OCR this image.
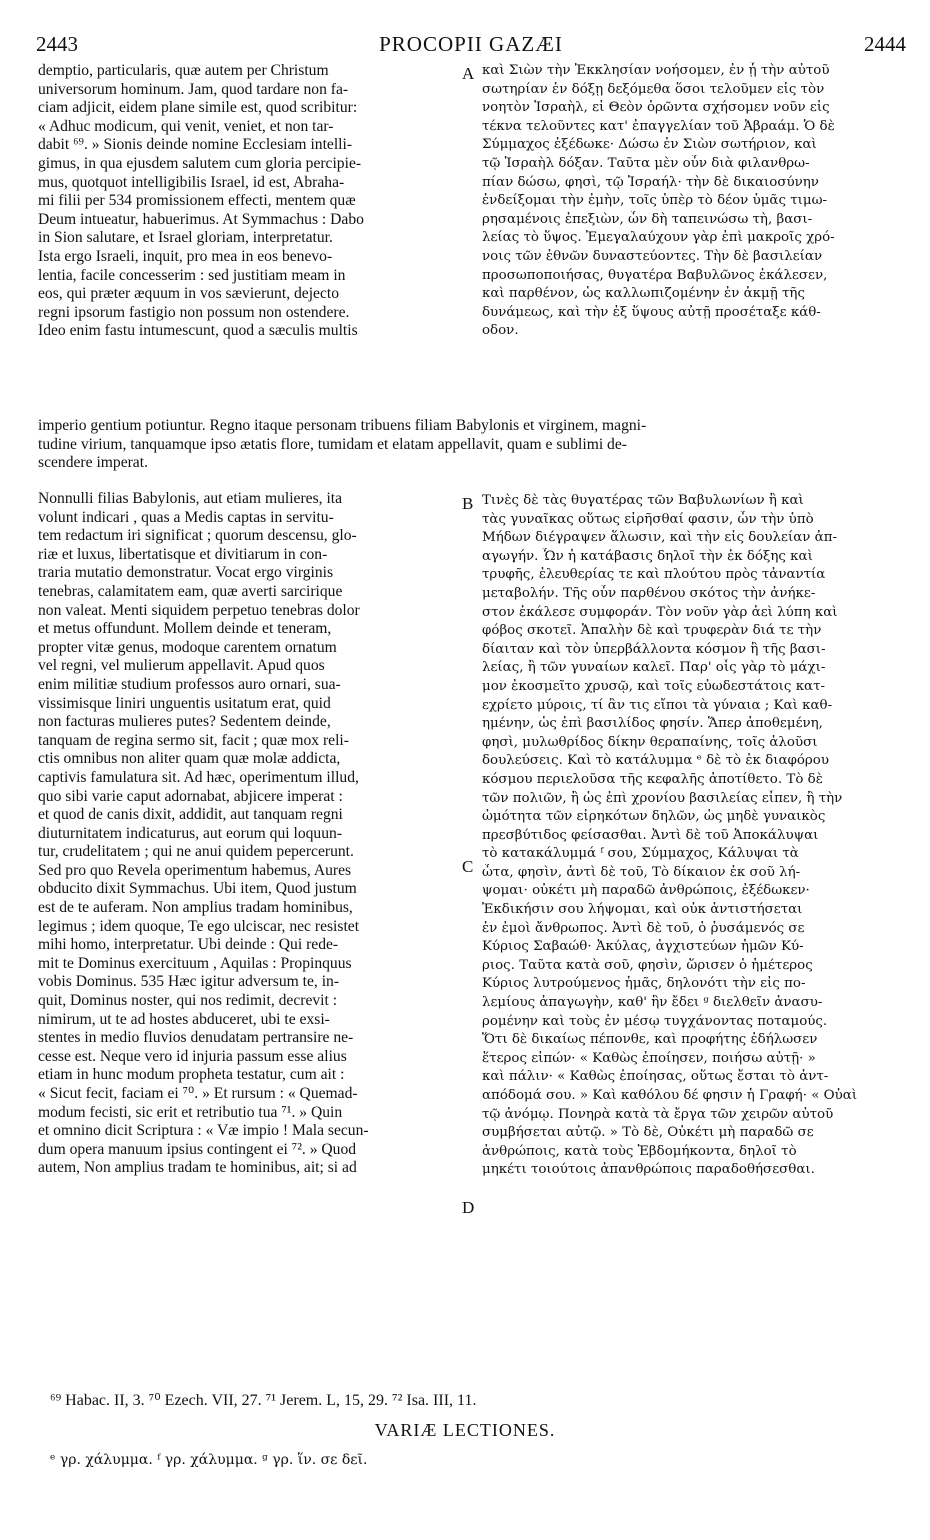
2443	PROCOPII GAZÆI	2444
demptio, particularis, quæ autem per Christum
universorum hominum. Jam, quod tardare non fa-
ciam adjicit, eidem plane simile est, quod scribitur:
« Adhuc modicum, qui venit, veniet, et non tar-
dabit ⁶⁹. » Sionis deinde nomine Ecclesiam intelli-
gimus, in qua ejusdem salutem cum gloria percipie-
mus, quotquot intelligibilis Israel, id est, Abraha-
mi filii per 534 promissionem effecti, mentem quæ
Deum intueatur, habuerimus. At Symmachus : Dabo
in Sion salutare, et Israel gloriam, interpretatur.
Ista ergo Israeli, inquit, pro mea in eos benevo-
lentia, facile concesserim : sed justitiam meam in
eos, qui præter æquum in vos sævierunt, dejecto
regni ipsorum fastigio non possum non ostendere.
Ideo enim fastu intumescunt, quod a sæculis multis
καὶ Σιὼν τὴν Ἐκκλησίαν νοήσομεν, ἐν ᾗ τὴν αὐτοῦ
σωτηρίαν ἐν δόξῃ δεξόμεθα ὅσοι τελοῦμεν εἰς τὸν
νοητὸν Ἰσραὴλ, εἰ Θεὸν ὁρῶντα σχήσομεν νοῦν εἰς
τέκνα τελοῦντες κατ' ἐπαγγελίαν τοῦ Ἀβραάμ. Ὁ δὲ
Σύμμαχος ἐξέδωκε· Δώσω ἐν Σιὼν σωτήριον, καὶ
τῷ Ἰσραὴλ δόξαν. Ταῦτα μὲν οὖν διὰ φιλανθρω-
πίαν δώσω, φησὶ, τῷ Ἰσραήλ· τὴν δὲ δικαιοσύνην
ἐνδείξομαι τὴν ἐμὴν, τοῖς ὑπὲρ τὸ δέον ὑμᾶς τιμω-
ρησαμένοις ἐπεξιὼν, ὧν δὴ ταπεινώσω τὴ, βασι-
λείας τὸ ὕψος. Ἐμεγαλαύχουν γὰρ ἐπὶ μακροῖς χρό-
νοις τῶν ἐθνῶν δυναστεύοντες. Τὴν δὲ βασιλείαν
προσωποποιήσας, θυγατέρα Βαβυλῶνος ἐκάλεσεν,
καὶ παρθένον, ὡς καλλωπιζομένην ἐν ἀκμῇ τῆς
δυνάμεως, καὶ τὴν ἐξ ὕψους αὐτῇ προσέταξε κάθ-
οδον.
imperio gentium potiuntur. Regno itaque personam tribuens filiam Babylonis et virginem, magni-
tudine virium, tanquamque ipso ætatis flore, tumidam et elatam appellavit, quam e sublimi de-
scendere imperat.
Nonnulli filias Babylonis, aut etiam mulieres, ita
volunt indicari , quas a Medis captas in servitu-
tem redactum iri significat ; quorum descensu, glo-
riæ et luxus, libertatisque et divitiarum in con-
traria mutatio demonstratur. Vocat ergo virginis
tenebras, calamitatem eam, quæ averti sarcirique
non valeat. Menti siquidem perpetuo tenebras dolor
et metus offundunt. Mollem deinde et teneram,
propter vitæ genus, modoque carentem ornatum
vel regni, vel mulierum appellavit. Apud quos
enim militiæ studium professos auro ornari, sua-
vissimisque liniri unguentis usitatum erat, quid
non facturas mulieres putes? Sedentem deinde,
tanquam de regina sermo sit, facit ; quæ mox reli-
ctis omnibus non aliter quam quæ molæ addicta,
captivis famulatura sit. Ad hæc, operimentum illud,
quo sibi varie caput adornabat, abjicere imperat :
et quod de canis dixit, addidit, aut tanquam regni
diuturnitatem indicaturus, aut eorum qui loquun-
tur, crudelitatem ; qui ne anui quidem pepercerunt.
Sed pro quo Revela operimentum habemus, Aures
obducito dixit Symmachus. Ubi item, Quod justum
est de te auferam. Non amplius tradam hominibus,
legimus ; idem quoque, Te ego ulciscar, nec resistet
mihi homo, interpretatur. Ubi deinde : Qui rede-
mit te Dominus exercituum , Aquilas : Propinquus
vobis Dominus. 535 Hæc igitur adversum te, in-
quit, Dominus noster, qui nos redimit, decrevit :
nimirum, ut te ad hostes abduceret, ubi te exsi-
stentes in medio fluvios denudatam pertransire ne-
cesse est. Neque vero id injuria passum esse alius
etiam in hunc modum propheta testatur, cum ait :
« Sicut fecit, faciam ei ⁷⁰. » Et rursum : « Quemad-
modum fecisti, sic erit et retributio tua ⁷¹. » Quin
et omnino dicit Scriptura : « Væ impio ! Mala secun-
dum opera manuum ipsius contingent ei ⁷². » Quod
autem, Non amplius tradam te hominibus, ait; si ad
Τινὲς δὲ τὰς θυγατέρας τῶν Βαβυλωνίων ἢ καὶ
τὰς γυναῖκας οὕτως εἰρῆσθαί φασιν, ὧν τὴν ὑπὸ
Μήδων διέγραψεν ἅλωσιν, καὶ τὴν εἰς δουλείαν ἀπ-
αγωγήν. Ὧν ἡ κατάβασις δηλοῖ τὴν ἐκ δόξης καὶ
τρυφῆς, ἐλευθερίας τε καὶ πλούτου πρὸς τἀναντία
μεταβολήν. Τῆς οὖν παρθένου σκότος τὴν ἀνήκε-
στον ἐκάλεσε συμφοράν. Τὸν νοῦν γὰρ ἀεὶ λύπη καὶ
φόβος σκοτεῖ. Ἁπαλὴν δὲ καὶ τρυφερὰν διά τε τὴν
δίαιταν καὶ τὸν ὑπερβάλλοντα κόσμον ἢ τῆς βασι-
λείας, ἢ τῶν γυναίων καλεῖ. Παρ' οἷς γὰρ τὸ μάχι-
μον ἐκοσμεῖτο χρυσῷ, καὶ τοῖς εὐωδεστάτοις κατ-
εχρίετο μύροις, τί ἂν τις εἴποι τὰ γύναια ; Καὶ καθ-
ημένην, ὡς ἐπὶ βασιλίδος φησίν. Ἅπερ ἀποθεμένη,
φησὶ, μυλωθρίδος δίκην θεραπαίνης, τοῖς ἁλοῦσι
δουλεύσεις. Καὶ τὸ κατάλυμμα ᵉ δὲ τὸ ἐκ διαφόρου
κόσμου περιελοῦσα τῆς κεφαλῆς ἀποτίθετο. Τὸ δὲ
τῶν πολιῶν, ἢ ὡς ἐπὶ χρονίου βασιλείας εἶπεν, ἢ τὴν
ὠμότητα τῶν εἰρηκότων δηλῶν, ὡς μηδὲ γυναικὸς
πρεσβύτιδος φείσασθαι. Ἀντὶ δὲ τοῦ Ἀποκάλυψαι
τὸ κατακάλυμμά ᶠ σου, Σύμμαχος, Κάλυψαι τὰ
ὦτα, φησὶν, ἀντὶ δὲ τοῦ, Τὸ δίκαιον ἐκ σοῦ λή-
ψομαι· οὐκέτι μὴ παραδῶ ἀνθρώποις, ἐξέδωκεν·
Ἐκδικήσιν σου λήψομαι, καὶ οὐκ ἀντιστήσεται
ἐν ἐμοὶ ἄνθρωπος. Ἀντὶ δὲ τοῦ, ὁ ῥυσάμενός σε
Κύριος Σαβαώθ· Ἀκύλας, ἀγχιστεύων ἡμῶν Κύ-
ριος. Ταῦτα κατὰ σοῦ, φησὶν, ὥρισεν ὁ ἡμέτερος
Κύριος λυτρούμενος ἡμᾶς, δηλονότι τὴν εἰς πο-
λεμίους ἀπαγωγὴν, καθ' ἣν ἔδει ᵍ διελθεῖν ἀνασυ-
ρομένην καὶ τοὺς ἐν μέσῳ τυγχάνοντας ποταμούς.
Ὅτι δὲ δικαίως πέπονθε, καὶ προφήτης ἐδήλωσεν
ἕτερος εἰπών· « Καθὼς ἐποίησεν, ποιήσω αὐτῇ· »
καὶ πάλιν· « Καθὼς ἐποίησας, οὕτως ἔσται τὸ ἀντ-
απόδομά σου. » Καὶ καθόλου δέ φησιν ἡ Γραφή· « Οὐαὶ
τῷ ἀνόμῳ. Πονηρὰ κατὰ τὰ ἔργα τῶν χειρῶν αὐτοῦ
συμβήσεται αὐτῷ. » Τὸ δὲ, Οὐκέτι μὴ παραδῶ σε
ἀνθρώποις, κατὰ τοὺς Ἑβδομήκοντα, δηλοῖ τὸ
μηκέτι τοιούτοις ἀπανθρώποις παραδοθήσεσθαι.
A
B
C
D
⁶⁹ Habac. II, 3. ⁷⁰ Ezech. VII, 27. ⁷¹ Jerem. L, 15, 29. ⁷² Isa. III, 11.
VARIÆ LECTIONES.
ᵉ γρ. χάλυμμα. ᶠ γρ. χάλυμμα. ᵍ γρ. ἵν. σε δεῖ.
